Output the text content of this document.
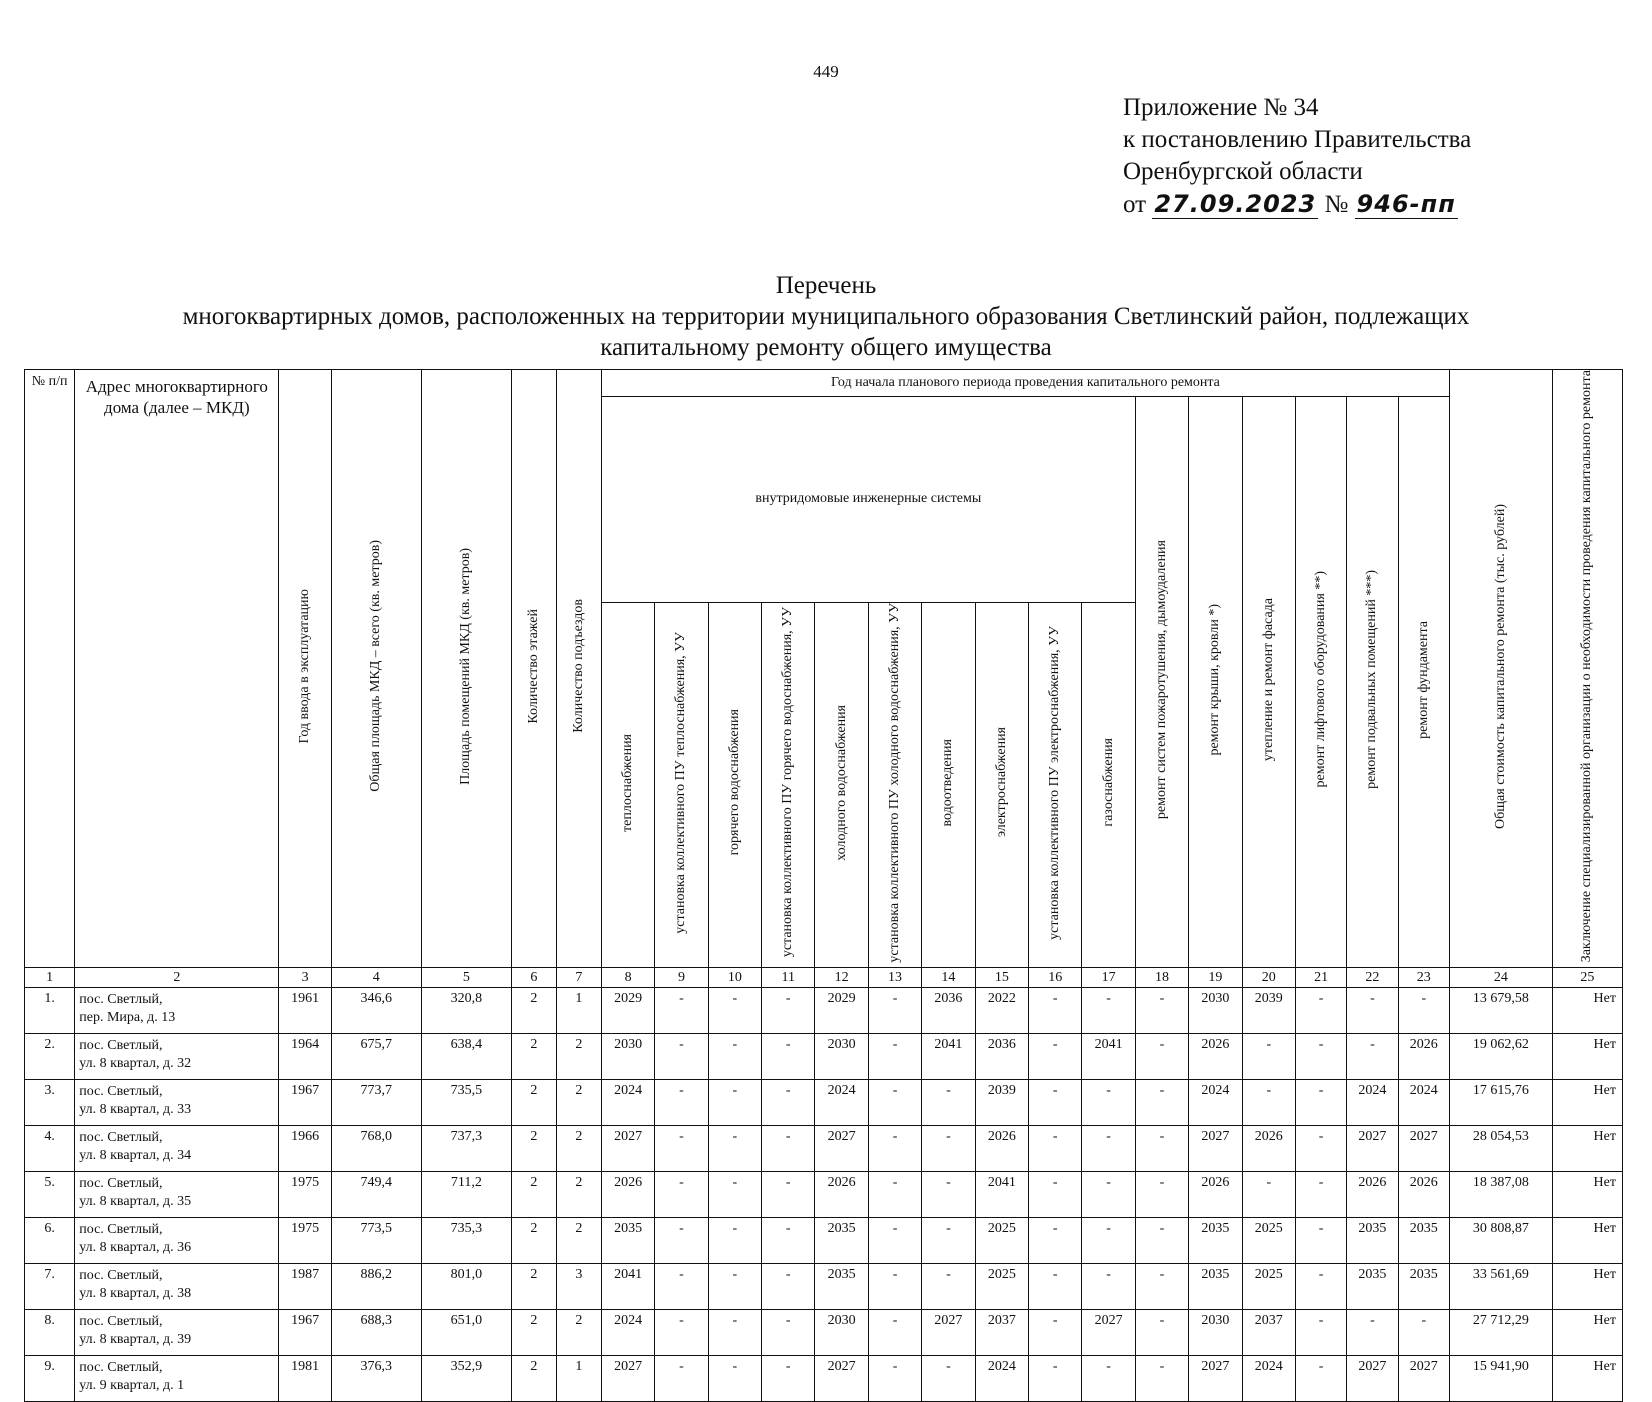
449
Приложение № 34
к постановлению Правительства
Оренбургской области
от 27.09.2023 № 946-пп
Перечень
многоквартирных домов, расположенных на территории муниципального образования Светлинский район, подлежащих
капитальному ремонту общего имущества
№ п/п	Адрес многоквартирного дома (далее – МКД)	Год ввода в эксплуатацию	Общая площадь МКД – всего (кв. метров)	Площадь помещений МКД (кв. метров)	Количество этажей	Количество подъездов	Год начала планового периода проведения капитального ремонта																Общая стоимость капитального ремонта (тыс. рублей)	Заключение специализированной организации о необходимости проведения капитального ремонта
							внутридомовые инженерные системы										ремонт систем пожаротушения, дымоудаления	ремонт крыши, кровли *)	утепление и ремонт фасада	ремонт лифтового оборудования **)	ремонт подвальных помещений ***)	ремонт фундамента		
							теплоснабжения	установка коллективного ПУ теплоснабжения, УУ	горячего водоснабжения	установка коллективного ПУ горячего водоснабжения, УУ	холодного водоснабжения	установка коллективного ПУ холодного водоснабжения, УУ	водоотведения	электроснабжения	установка коллективного ПУ электроснабжения, УУ	газоснабжения								
1	2	3	4	5	6	7	8	9	10	11	12	13	14	15	16	17	18	19	20	21	22	23	24	25
1.	пос. Светлый,
пер. Мира, д. 13	1961	346,6	320,8	2	1	2029	-	-	-	2029	-	2036	2022	-	-	-	2030	2039	-	-	-	13 679,58	Нет
2.	пос. Светлый,
ул. 8 квартал, д. 32	1964	675,7	638,4	2	2	2030	-	-	-	2030	-	2041	2036	-	2041	-	2026	-	-	-	2026	19 062,62	Нет
3.	пос. Светлый,
ул. 8 квартал, д. 33	1967	773,7	735,5	2	2	2024	-	-	-	2024	-	-	2039	-	-	-	2024	-	-	2024	2024	17 615,76	Нет
4.	пос. Светлый,
ул. 8 квартал, д. 34	1966	768,0	737,3	2	2	2027	-	-	-	2027	-	-	2026	-	-	-	2027	2026	-	2027	2027	28 054,53	Нет
5.	пос. Светлый,
ул. 8 квартал, д. 35	1975	749,4	711,2	2	2	2026	-	-	-	2026	-	-	2041	-	-	-	2026	-	-	2026	2026	18 387,08	Нет
6.	пос. Светлый,
ул. 8 квартал, д. 36	1975	773,5	735,3	2	2	2035	-	-	-	2035	-	-	2025	-	-	-	2035	2025	-	2035	2035	30 808,87	Нет
7.	пос. Светлый,
ул. 8 квартал, д. 38	1987	886,2	801,0	2	3	2041	-	-	-	2035	-	-	2025	-	-	-	2035	2025	-	2035	2035	33 561,69	Нет
8.	пос. Светлый,
ул. 8 квартал, д. 39	1967	688,3	651,0	2	2	2024	-	-	-	2030	-	2027	2037	-	2027	-	2030	2037	-	-	-	27 712,29	Нет
9.	пос. Светлый,
ул. 9 квартал, д. 1	1981	376,3	352,9	2	1	2027	-	-	-	2027	-	-	2024	-	-	-	2027	2024	-	2027	2027	15 941,90	Нет
